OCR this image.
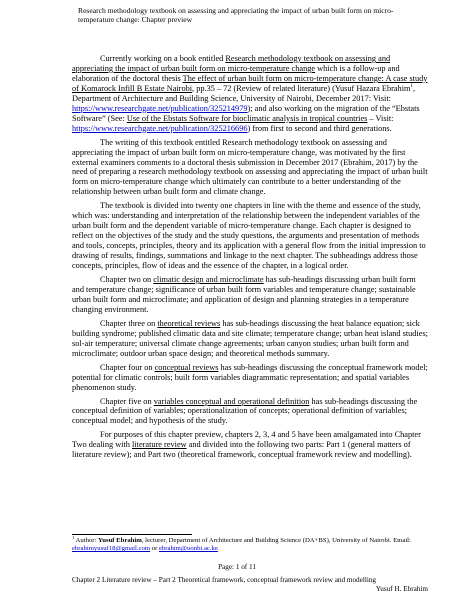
Research methodology textbook on assessing and appreciating the impact of urban built form on micro-
temperature change: Chapter preview

Currently working on a book entitled Research methodology textbook on assessing and appreciating the impact of urban built form on micro-temperature change which is a follow-up and elaboration of the doctoral thesis The effect of urban built form on micro-temperature change: A case study of Komarock Infill B Estate Nairobi, pp.35 – 72 (Review of related literature) (Yusuf Hazara Ebrahim$^1$, Department of Architecture and Building Science, University of Nairobi, December 2017: Visit: https://www.researchgate.net/publication/325214979); and also working on the migration of the “Ebstats Software” (See: Use of the Ebstats Software for bioclimatic analysis in tropical countries – Visit: https://www.researchgate.net/publication/325216696) from first to second and third generations.

The writing of this textbook entitled Research methodology textbook on assessing and appreciating the impact of urban built form on micro-temperature change, was motivated by the first external examiners comments to a doctoral thesis submission in December 2017 (Ebrahim, 2017) by the need of preparing a research methodology textbook on assessing and appreciating the impact of urban built form on micro-temperature change which ultimately can contribute to a better understanding of the relationship between urban built form and climate change.

The textbook is divided into twenty one chapters in line with the theme and essence of the study, which was: understanding and interpretation of the relationship between the independent variables of the urban built form and the dependent variable of micro-temperature change. Each chapter is designed to reflect on the objectives of the study and the study questions, the arguments and presentation of methods and tools, concepts, principles, theory and its application with a general flow from the initial impression to drawing of results, findings, summations and linkage to the next chapter. The subheadings address those concepts, principles, flow of ideas and the essence of the chapter, in a logical order.

Chapter two on climatic design and microclimate has sub-headings discussing urban built form and temperature change; significance of urban built form variables and temperature change; sustainable urban built form and microclimate; and application of design and planning strategies in a temperature changing environment.

Chapter three on theoretical reviews has sub-headings discussing the heat balance equation; sick building syndrome; published climatic data and site climate; temperature change; urban heat island studies; sol-air temperature; universal climate change agreements; urban canyon studies; urban built form and microclimate; outdoor urban space design; and theoretical methods summary.

Chapter four on conceptual reviews has sub-headings discussing the conceptual framework model; potential for climatic controls; built form variables diagrammatic representation; and spatial variables phenomenon study.

Chapter five on variables conceptual and operational definition has sub-headings discussing the conceptual definition of variables; operationalization of concepts; operational definition of variables; conceptual model; and hypothesis of the study.

For purposes of this chapter preview, chapters 2, 3, 4 and 5 have been amalgamated into Chapter Two dealing with literature review and divided into the following two parts: Part 1 (general matters of literature review); and Part two (theoretical framework, conceptual framework review and modelling).

$^1$ Author: Yusuf Ebrahim, lecturer, Department of Architecture and Building Science (DA+BS), University of Nairobi. Email: ebrahimyusuf18@gmail.com or ebrahim@uonbi.ac.ke
Page: 1 of 11
Chapter 2 Literature review – Part 2 Theoretical framework, conceptual framework review and modelling
Yusuf H. Ebrahim
